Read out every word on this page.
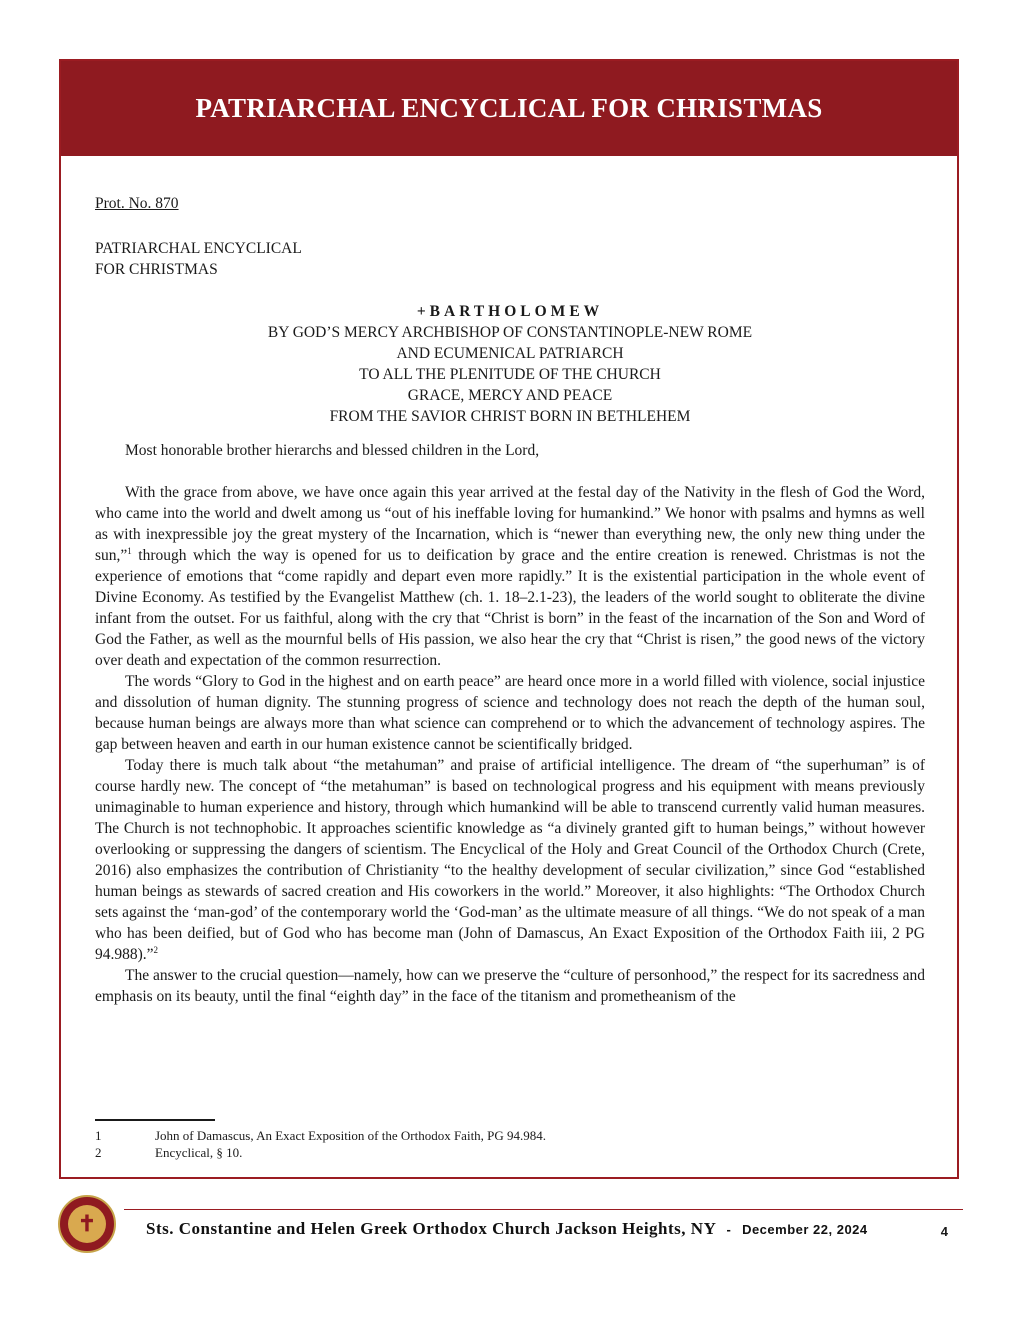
PATRIARCHAL ENCYCLICAL FOR CHRISTMAS

Prot. No. 870

PATRIARCHAL ENCYCLICAL
FOR CHRISTMAS
+BARTHOLOMEW
BY GOD’S MERCY ARCHBISHOP OF CONSTANTINOPLE-NEW ROME
AND ECUMENICAL PATRIARCH
TO ALL THE PLENITUDE OF THE CHURCH
GRACE, MERCY AND PEACE
FROM THE SAVIOR CHRIST BORN IN BETHLEHEM

Most honorable brother hierarchs and blessed children in the Lord,

With the grace from above, we have once again this year arrived at the festal day of the Nativity in the flesh of God the Word, who came into the world and dwelt among us “out of his ineffable loving for humankind.” We honor with psalms and hymns as well as with inexpressible joy the great mystery of the Incarnation, which is “newer than everything new, the only new thing under the sun,”$^1$ through which the way is opened for us to deification by grace and the entire creation is renewed. Christmas is not the experience of emotions that “come rapidly and depart even more rapidly.” It is the existential participation in the whole event of Divine Economy. As testified by the Evangelist Matthew (ch. 1. 18–2.1-23), the leaders of the world sought to obliterate the divine infant from the outset. For us faithful, along with the cry that “Christ is born” in the feast of the incarnation of the Son and Word of God the Father, as well as the mournful bells of His passion, we also hear the cry that “Christ is risen,” the good news of the victory over death and expectation of the common resurrection.

The words “Glory to God in the highest and on earth peace” are heard once more in a world filled with violence, social injustice and dissolution of human dignity. The stunning progress of science and technology does not reach the depth of the human soul, because human beings are always more than what science can comprehend or to which the advancement of technology aspires. The gap between heaven and earth in our human existence cannot be scientifically bridged.

Today there is much talk about “the metahuman” and praise of artificial intelligence. The dream of “the superhuman” is of course hardly new. The concept of “the metahuman” is based on technological progress and his equipment with means previously unimaginable to human experience and history, through which humankind will be able to transcend currently valid human measures. The Church is not technophobic. It approaches scientific knowledge as “a divinely granted gift to human beings,” without however overlooking or suppressing the dangers of scientism. The Encyclical of the Holy and Great Council of the Orthodox Church (Crete, 2016) also emphasizes the contribution of Christianity “to the healthy development of secular civilization,” since God “established human beings as stewards of sacred creation and His coworkers in the world.” Moreover, it also highlights: “The Orthodox Church sets against the ‘man-god’ of the contemporary world the ‘God-man’ as the ultimate measure of all things. “We do not speak of a man who has been deified, but of God who has become man (John of Damascus, An Exact Exposition of the Orthodox Faith iii, 2 PG 94.988).”$^2$

The answer to the crucial question—namely, how can we preserve the “culture of personhood,” the respect for its sacredness and emphasis on its beauty, until the final “eighth day” in the face of the titanism and prometheanism of the

1	John of Damascus, An Exact Exposition of the Orthodox Faith, PG 94.984.
2	Encyclical, § 10.
✝	Sts. Constantine and Helen Greek Orthodox Church Jackson Heights, NY - December 22, 2024	4
